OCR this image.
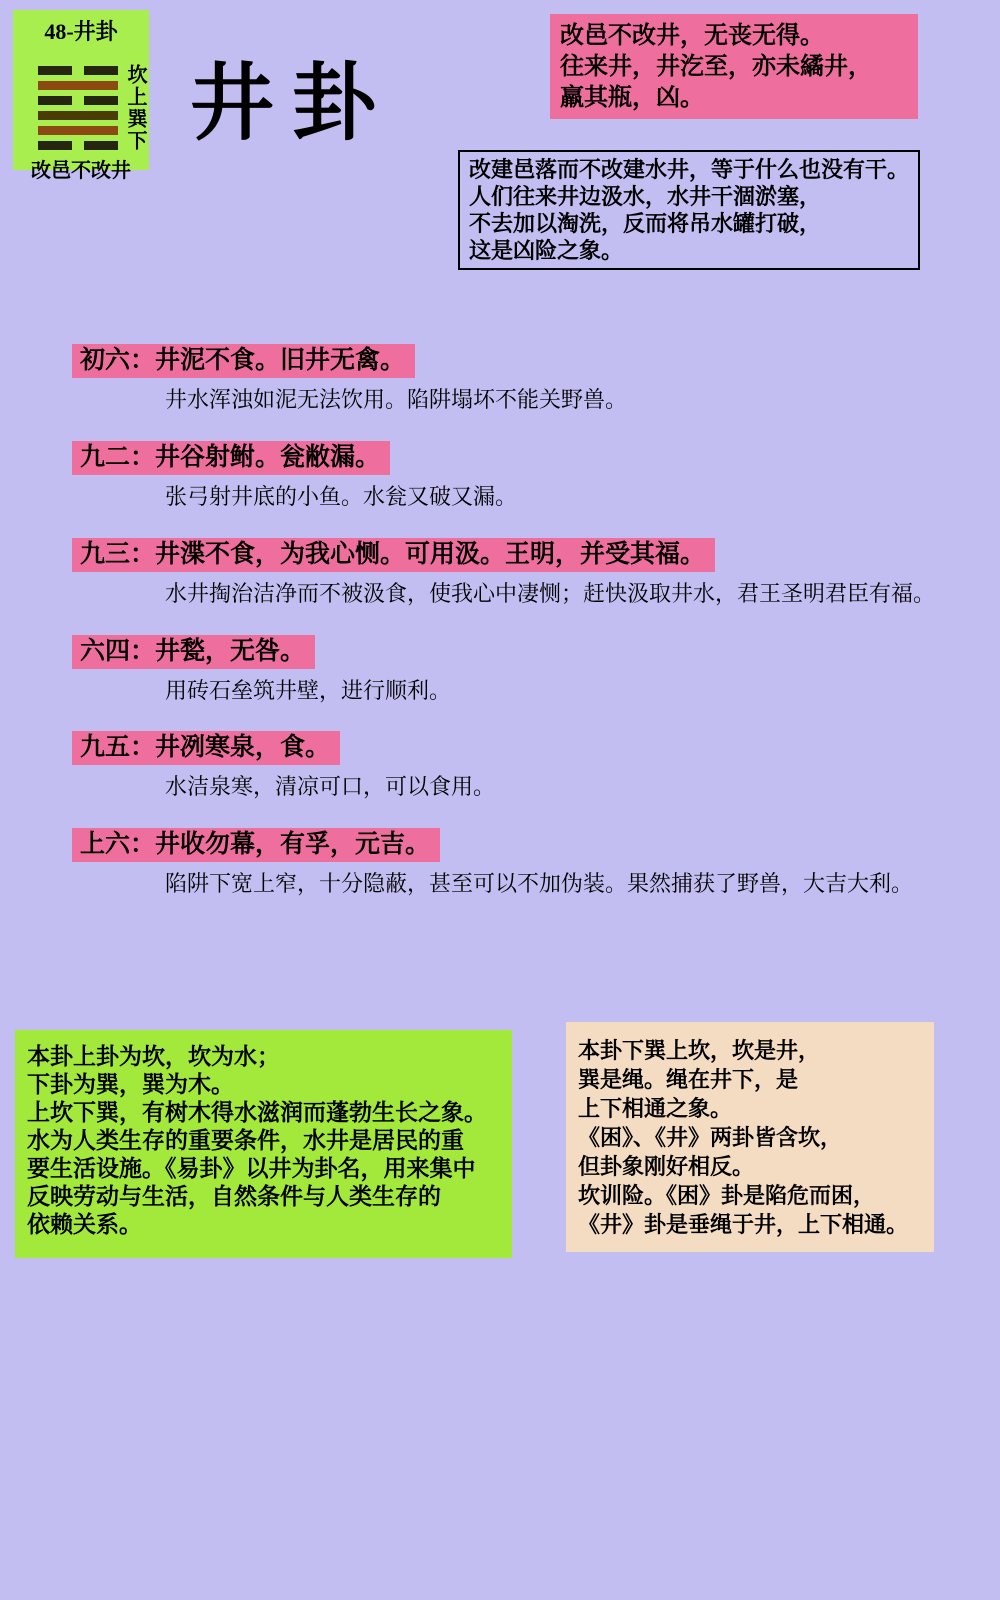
48-井卦
坎上巽下
改邑不改井
井卦
改邑不改井，无丧无得。
往来井，井汔至，亦未繘井，
羸其瓶，凶。
改建邑落而不改建水井，等于什么也没有干。
人们往来井边汲水，水井干涸淤塞，
不去加以淘洗，反而将吊水罐打破，
这是凶险之象。
初六：井泥不食。旧井无禽。
井水浑浊如泥无法饮用。陷阱塌坏不能关野兽。
九二：井谷射鲋。瓮敝漏。
张弓射井底的小鱼。水瓮又破又漏。
九三：井渫不食，为我心恻。可用汲。王明，并受其福。
水井掏治洁净而不被汲食，使我心中凄恻；赶快汲取井水，君王圣明君臣有福。
六四：井甃，无咎。
用砖石垒筑井壁，进行顺利。
九五：井冽寒泉，食。
水洁泉寒，清凉可口，可以食用。
上六：井收勿幕，有孚，元吉。
陷阱下宽上窄，十分隐蔽，甚至可以不加伪装。果然捕获了野兽，大吉大利。
本卦上卦为坎，坎为水；
下卦为巽，巽为木。
上坎下巽，有树木得水滋润而蓬勃生长之象。
水为人类生存的重要条件，水井是居民的重
要生活设施。《易卦》以井为卦名，用来集中
反映劳动与生活，自然条件与人类生存的
依赖关系。
本卦下巽上坎，坎是井，
巽是绳。绳在井下，是
上下相通之象。
《困》、《井》两卦皆含坎，
但卦象刚好相反。
坎训险。《困》卦是陷危而困，
《井》卦是垂绳于井，上下相通。
